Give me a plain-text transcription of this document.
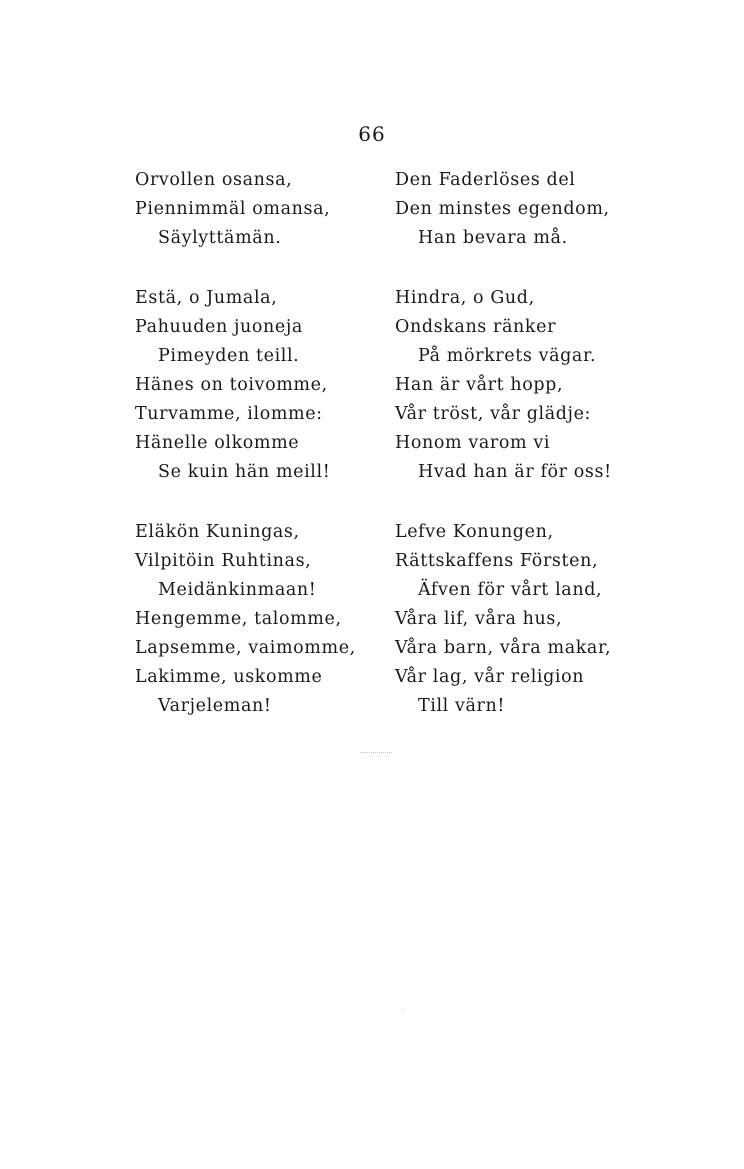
66
Orvollen osansa,
Piennimmäl omansa,
Säylyttämän.
Estä, o Jumala,
Pahuuden juoneja
Pimeyden teill.
Hänes on toivomme,
Turvamme, ilomme:
Hänelle olkomme
Se kuin hän meill!
Eläkön Kuningas,
Vilpitöin Ruhtinas,
Meidänkinmaan!
Hengemme, talomme,
Lapsemme, vaimomme,
Lakimme, uskomme
Varjeleman!
Den Faderlöses del
Den minstes egendom,
Han bevara må.
Hindra, o Gud,
Ondskans ränker
På mörkrets vägar.
Han är vårt hopp,
Vår tröst, vår glädje:
Honom varom vi
Hvad han är för oss!
Lefve Konungen,
Rättskaffens Försten,
Äfven för vårt land,
Våra lif, våra hus,
Våra barn, våra makar,
Vår lag, vår religion
Till värn!
